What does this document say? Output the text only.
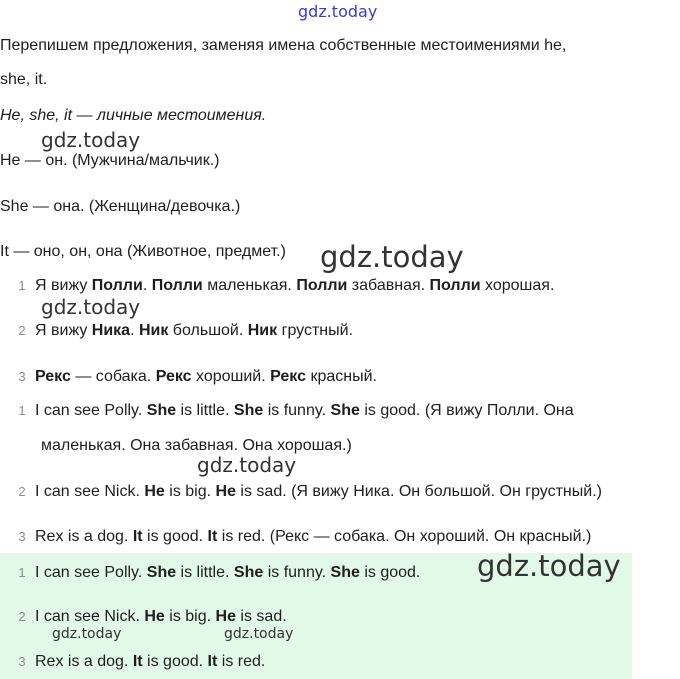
gdz.today
gdz.today
gdz.today
gdz.today
gdz.today
gdz.today
gdz.today	gdz.today
Перепишем предложения, заменяя имена собственные местоимениями he,
she, it.
He, she, it — личные местоимения.
He — он. (Мужчина/мальчик.)
She — она. (Женщина/девочка.)
It — оно, он, она (Животное, предмет.)
1 Я вижу Полли. Полли маленькая. Полли забавная. Полли хорошая.
2 Я вижу Ника. Ник большой. Ник грустный.
3 Рекс — собака. Рекс хороший. Рекс красный.
1 I can see Polly. She is little. She is funny. She is good. (Я вижу Полли. Она
маленькая. Она забавная. Она хорошая.)
2 I can see Nick. He is big. He is sad. (Я вижу Ника. Он большой. Он грустный.)
3 Rex is a dog. It is good. It is red. (Рекс — собака. Он хороший. Он красный.)
1 I can see Polly. She is little. She is funny. She is good.
2 I can see Nick. He is big. He is sad.
3 Rex is a dog. It is good. It is red.
